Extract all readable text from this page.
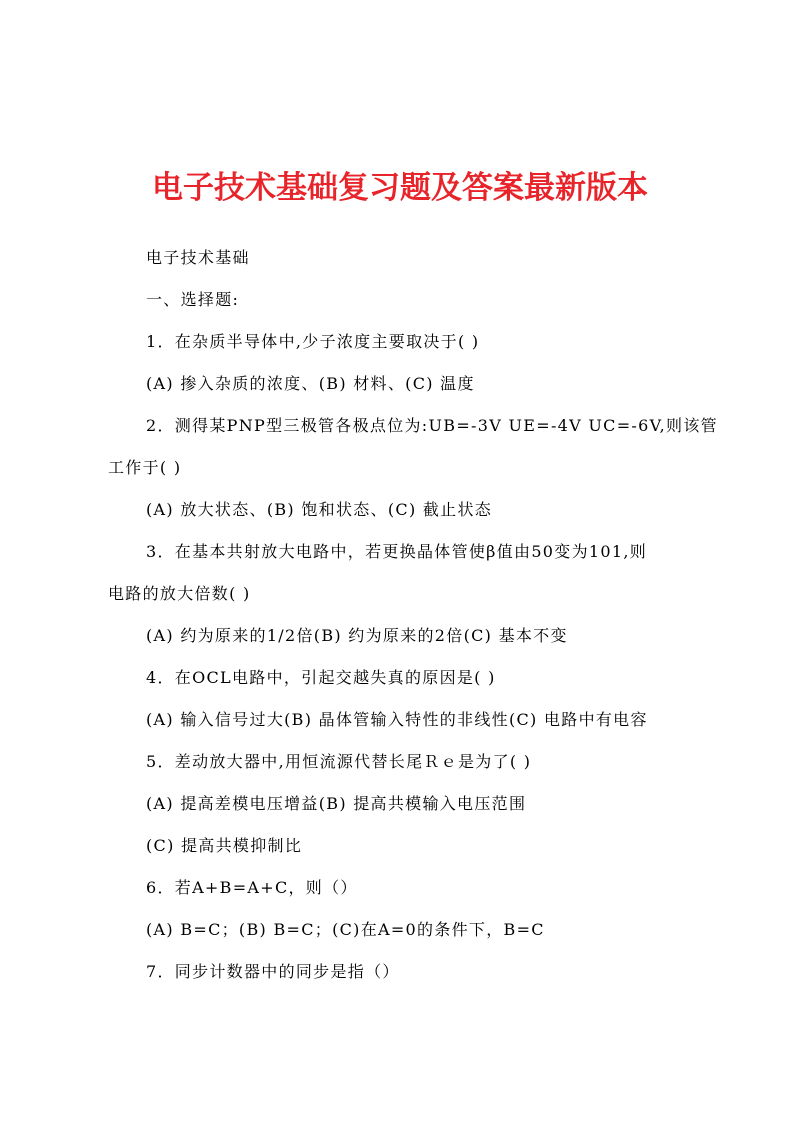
电子技术基础复习题及答案最新版本
电子技术基础
一、选择题:
1．在杂质半导体中,少子浓度主要取决于( )
(A) 掺入杂质的浓度、(B) 材料、(C) 温度
2．测得某PNP型三极管各极点位为:UB=-3V UE=-4V UC=-6V,则该管
工作于( )
(A) 放大状态、(B) 饱和状态、(C) 截止状态
3．在基本共射放大电路中，若更换晶体管使β值由50变为101,则
电路的放大倍数( )
(A) 约为原来的1/2倍(B) 约为原来的2倍(C) 基本不变
4．在OCL电路中，引起交越失真的原因是( )
(A) 输入信号过大(B) 晶体管输入特性的非线性(C) 电路中有电容
5．差动放大器中,用恒流源代替长尾Ｒｅ是为了( )
(A) 提高差模电压增益(B) 提高共模输入电压范围
(C) 提高共模抑制比
6．若A+B=A+C，则（）
(A) B=C；(B) B=C；(C)在A=0的条件下，B=C
7．同步计数器中的同步是指（）
